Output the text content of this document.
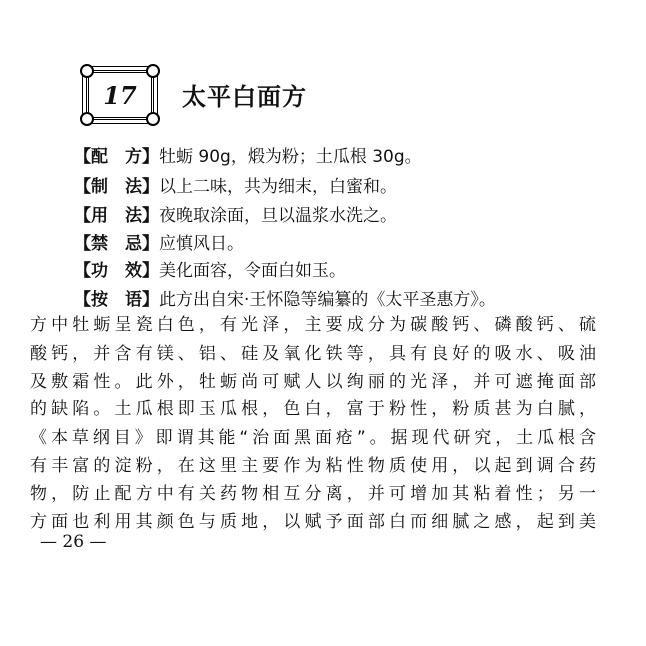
17	太平白面方
【配　方】牡蛎 90g，煅为粉；土瓜根 30g。
【制　法】以上二味，共为细末，白蜜和。
【用　法】夜晚取涂面，旦以温浆水洗之。
【禁　忌】应慎风日。
【功　效】美化面容，令面白如玉。
【按　语】此方出自宋·王怀隐等编纂的《太平圣惠方》。
方中牡蛎呈瓷白色，有光泽，主要成分为碳酸钙、磷酸钙、硫
酸钙，并含有镁、铝、硅及氧化铁等，具有良好的吸水、吸油
及敷霜性。此外，牡蛎尚可赋人以绚丽的光泽，并可遮掩面部
的缺陷。土瓜根即玉瓜根，色白，富于粉性，粉质甚为白腻，
《本草纲目》即谓其能“治面黑面疮”。据现代研究，土瓜根含
有丰富的淀粉，在这里主要作为粘性物质使用，以起到调合药
物，防止配方中有关药物相互分离，并可增加其粘着性；另一
方面也利用其颜色与质地，以赋予面部白而细腻之感，起到美
— 26 —
